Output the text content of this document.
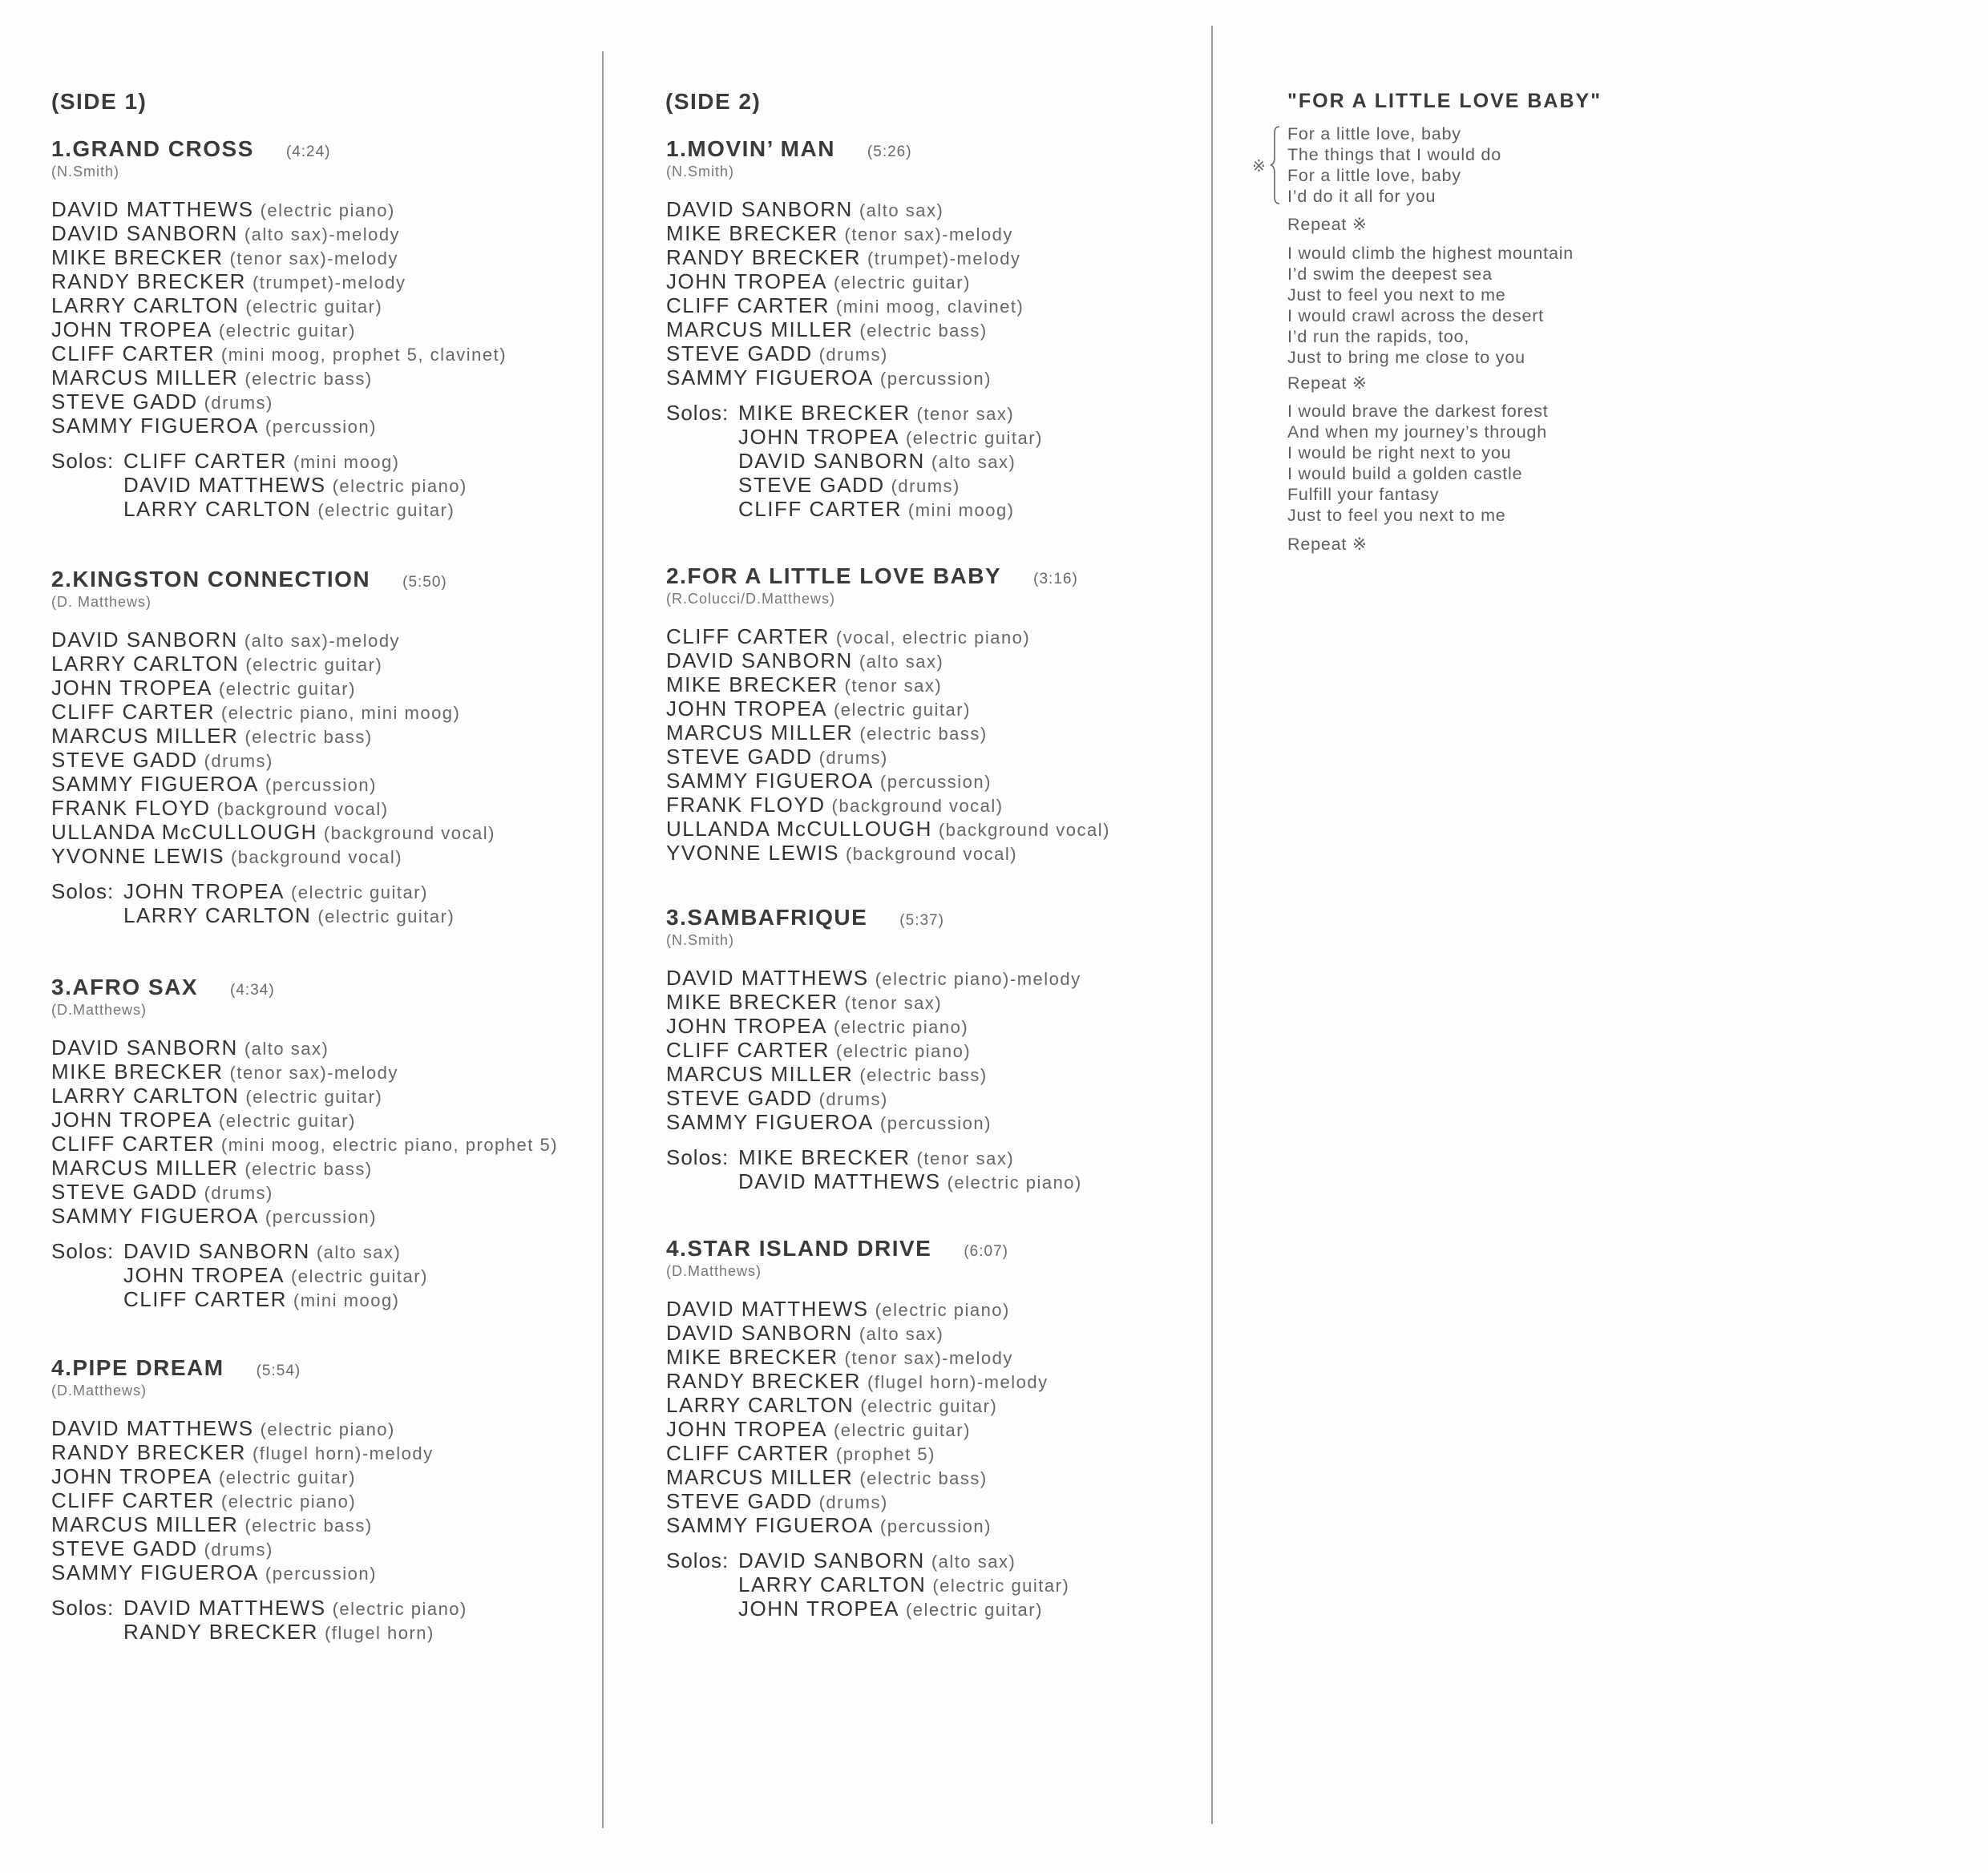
(SIDE 1)
1.GRAND CROSS (4:24)
(N.Smith)
DAVID MATTHEWS (electric piano)
DAVID SANBORN (alto sax)-melody
MIKE BRECKER (tenor sax)-melody
RANDY BRECKER (trumpet)-melody
LARRY CARLTON (electric guitar)
JOHN TROPEA (electric guitar)
CLIFF CARTER (mini moog, prophet 5, clavinet)
MARCUS MILLER (electric bass)
STEVE GADD (drums)
SAMMY FIGUEROA (percussion)
Solos: CLIFF CARTER (mini moog)
DAVID MATTHEWS (electric piano)
LARRY CARLTON (electric guitar)
2.KINGSTON CONNECTION (5:50)
(D. Matthews)
DAVID SANBORN (alto sax)-melody
LARRY CARLTON (electric guitar)
JOHN TROPEA (electric guitar)
CLIFF CARTER (electric piano, mini moog)
MARCUS MILLER (electric bass)
STEVE GADD (drums)
SAMMY FIGUEROA (percussion)
FRANK FLOYD (background vocal)
ULLANDA McCULLOUGH (background vocal)
YVONNE LEWIS (background vocal)
Solos: JOHN TROPEA (electric guitar)
LARRY CARLTON (electric guitar)
3.AFRO SAX (4:34)
(D.Matthews)
DAVID SANBORN (alto sax)
MIKE BRECKER (tenor sax)-melody
LARRY CARLTON (electric guitar)
JOHN TROPEA (electric guitar)
CLIFF CARTER (mini moog, electric piano, prophet 5)
MARCUS MILLER (electric bass)
STEVE GADD (drums)
SAMMY FIGUEROA (percussion)
Solos: DAVID SANBORN (alto sax)
JOHN TROPEA (electric guitar)
CLIFF CARTER (mini moog)
4.PIPE DREAM (5:54)
(D.Matthews)
DAVID MATTHEWS (electric piano)
RANDY BRECKER (flugel horn)-melody
JOHN TROPEA (electric guitar)
CLIFF CARTER (electric piano)
MARCUS MILLER (electric bass)
STEVE GADD (drums)
SAMMY FIGUEROA (percussion)
Solos: DAVID MATTHEWS (electric piano)
RANDY BRECKER (flugel horn)
(SIDE 2)
1.MOVIN’ MAN (5:26)
(N.Smith)
DAVID SANBORN (alto sax)
MIKE BRECKER (tenor sax)-melody
RANDY BRECKER (trumpet)-melody
JOHN TROPEA (electric guitar)
CLIFF CARTER (mini moog, clavinet)
MARCUS MILLER (electric bass)
STEVE GADD (drums)
SAMMY FIGUEROA (percussion)
Solos: MIKE BRECKER (tenor sax)
JOHN TROPEA (electric guitar)
DAVID SANBORN (alto sax)
STEVE GADD (drums)
CLIFF CARTER (mini moog)
2.FOR A LITTLE LOVE BABY (3:16)
(R.Colucci/D.Matthews)
CLIFF CARTER (vocal, electric piano)
DAVID SANBORN (alto sax)
MIKE BRECKER (tenor sax)
JOHN TROPEA (electric guitar)
MARCUS MILLER (electric bass)
STEVE GADD (drums)
SAMMY FIGUEROA (percussion)
FRANK FLOYD (background vocal)
ULLANDA McCULLOUGH (background vocal)
YVONNE LEWIS (background vocal)
3.SAMBAFRIQUE (5:37)
(N.Smith)
DAVID MATTHEWS (electric piano)-melody
MIKE BRECKER (tenor sax)
JOHN TROPEA (electric piano)
CLIFF CARTER (electric piano)
MARCUS MILLER (electric bass)
STEVE GADD (drums)
SAMMY FIGUEROA (percussion)
Solos: MIKE BRECKER (tenor sax)
DAVID MATTHEWS (electric piano)
4.STAR ISLAND DRIVE (6:07)
(D.Matthews)
DAVID MATTHEWS (electric piano)
DAVID SANBORN (alto sax)
MIKE BRECKER (tenor sax)-melody
RANDY BRECKER (flugel horn)-melody
LARRY CARLTON (electric guitar)
JOHN TROPEA (electric guitar)
CLIFF CARTER (prophet 5)
MARCUS MILLER (electric bass)
STEVE GADD (drums)
SAMMY FIGUEROA (percussion)
Solos: DAVID SANBORN (alto sax)
LARRY CARLTON (electric guitar)
JOHN TROPEA (electric guitar)
"FOR A LITTLE LOVE BABY"
※
For a little love, baby
The things that I would do
For a little love, baby
I’d do it all for you
Repeat ※
I would climb the highest mountain
I’d swim the deepest sea
Just to feel you next to me
I would crawl across the desert
I’d run the rapids, too,
Just to bring me close to you
Repeat ※
I would brave the darkest forest
And when my journey’s through
I would be right next to you
I would build a golden castle
Fulfill your fantasy
Just to feel you next to me
Repeat ※
